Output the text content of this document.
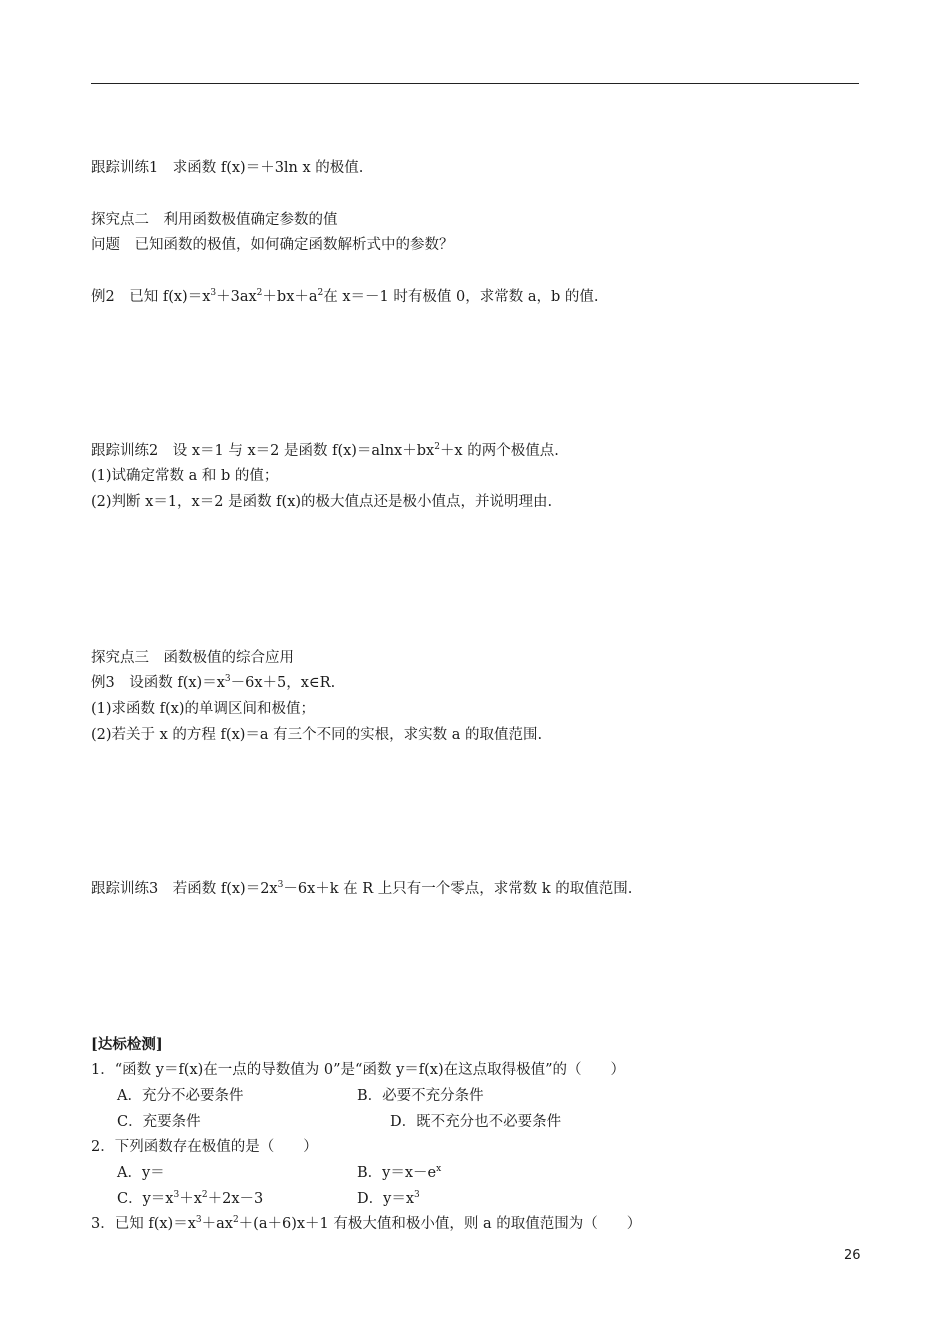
跟踪训练1　求函数 f(x)＝＋3ln x 的极值.
探究点二　利用函数极值确定参数的值
问题　已知函数的极值，如何确定函数解析式中的参数？
例2　已知 $f(x)=x^3+3ax^2+bx+a^2$在 x＝－1 时有极值 0，求常数 a，b 的值.
跟踪训练2　设 x＝1 与 x＝2 是函数 $f(x)=alnx+bx^2+x$ 的两个极值点.
(1)试确定常数 a 和 b 的值；
(2)判断 x＝1，x＝2 是函数 f(x)的极大值点还是极小值点，并说明理由.
探究点三　函数极值的综合应用
例3　设函数 $f(x)=x^3-6x+5$，x∈R.
(1)求函数 f(x)的单调区间和极值；
(2)若关于 x 的方程 f(x)＝a 有三个不同的实根，求实数 a 的取值范围.
跟踪训练3　若函数 $f(x)=2x^3-6x+k$ 在 R 上只有一个零点，求常数 k 的取值范围.
[达标检测]
1．“函数 y＝f(x)在一点的导数值为 0”是“函数 y＝f(x)在这点取得极值”的（　　）
A．充分不必要条件	B．必要不充分条件
C．充要条件	D．既不充分也不必要条件
2．下列函数存在极值的是（　　）
A．y＝	B．$y=x-e^x$
C．$y=x^3+x^2+2x-3$	D．$y=x^3$
3．已知 $f(x)=x^3+ax^2+(a+6)x+1$ 有极大值和极小值，则 a 的取值范围为（　　）
26
